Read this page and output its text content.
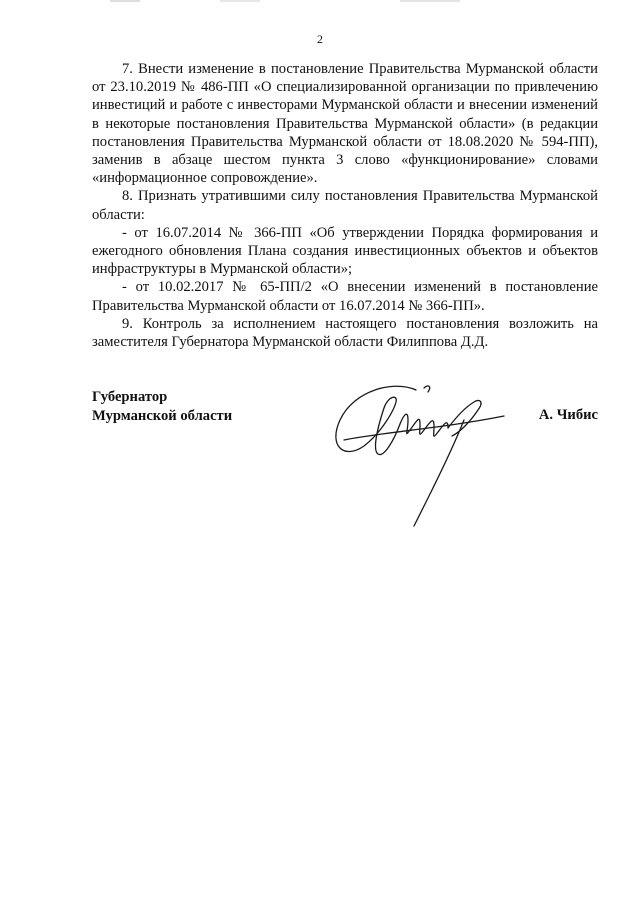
2

7. Внести изменение в постановление Правительства Мурманской области от 23.10.2019 № 486-ПП «О специализированной организации по привлечению инвестиций и работе с инвесторами Мурманской области и внесении изменений в некоторые постановления Правительства Мурманской области» (в редакции постановления Правительства Мурманской области от 18.08.2020 № 594-ПП), заменив в абзаце шестом пункта 3 слово «функционирование» словами «информационное сопровождение».

8. Признать утратившими силу постановления Правительства Мурманской области:

- от 16.07.2014 № 366-ПП «Об утверждении Порядка формирования и ежегодного обновления Плана создания инвестиционных объектов и объектов инфраструктуры в Мурманской области»;

- от 10.02.2017 № 65-ПП/2 «О внесении изменений в постановление Правительства Мурманской области от 16.07.2014 № 366-ПП».

9. Контроль за исполнением настоящего постановления возложить на заместителя Губернатора Мурманской области Филиппова Д.Д.

Губернатор
Мурманской области	А. Чибис
